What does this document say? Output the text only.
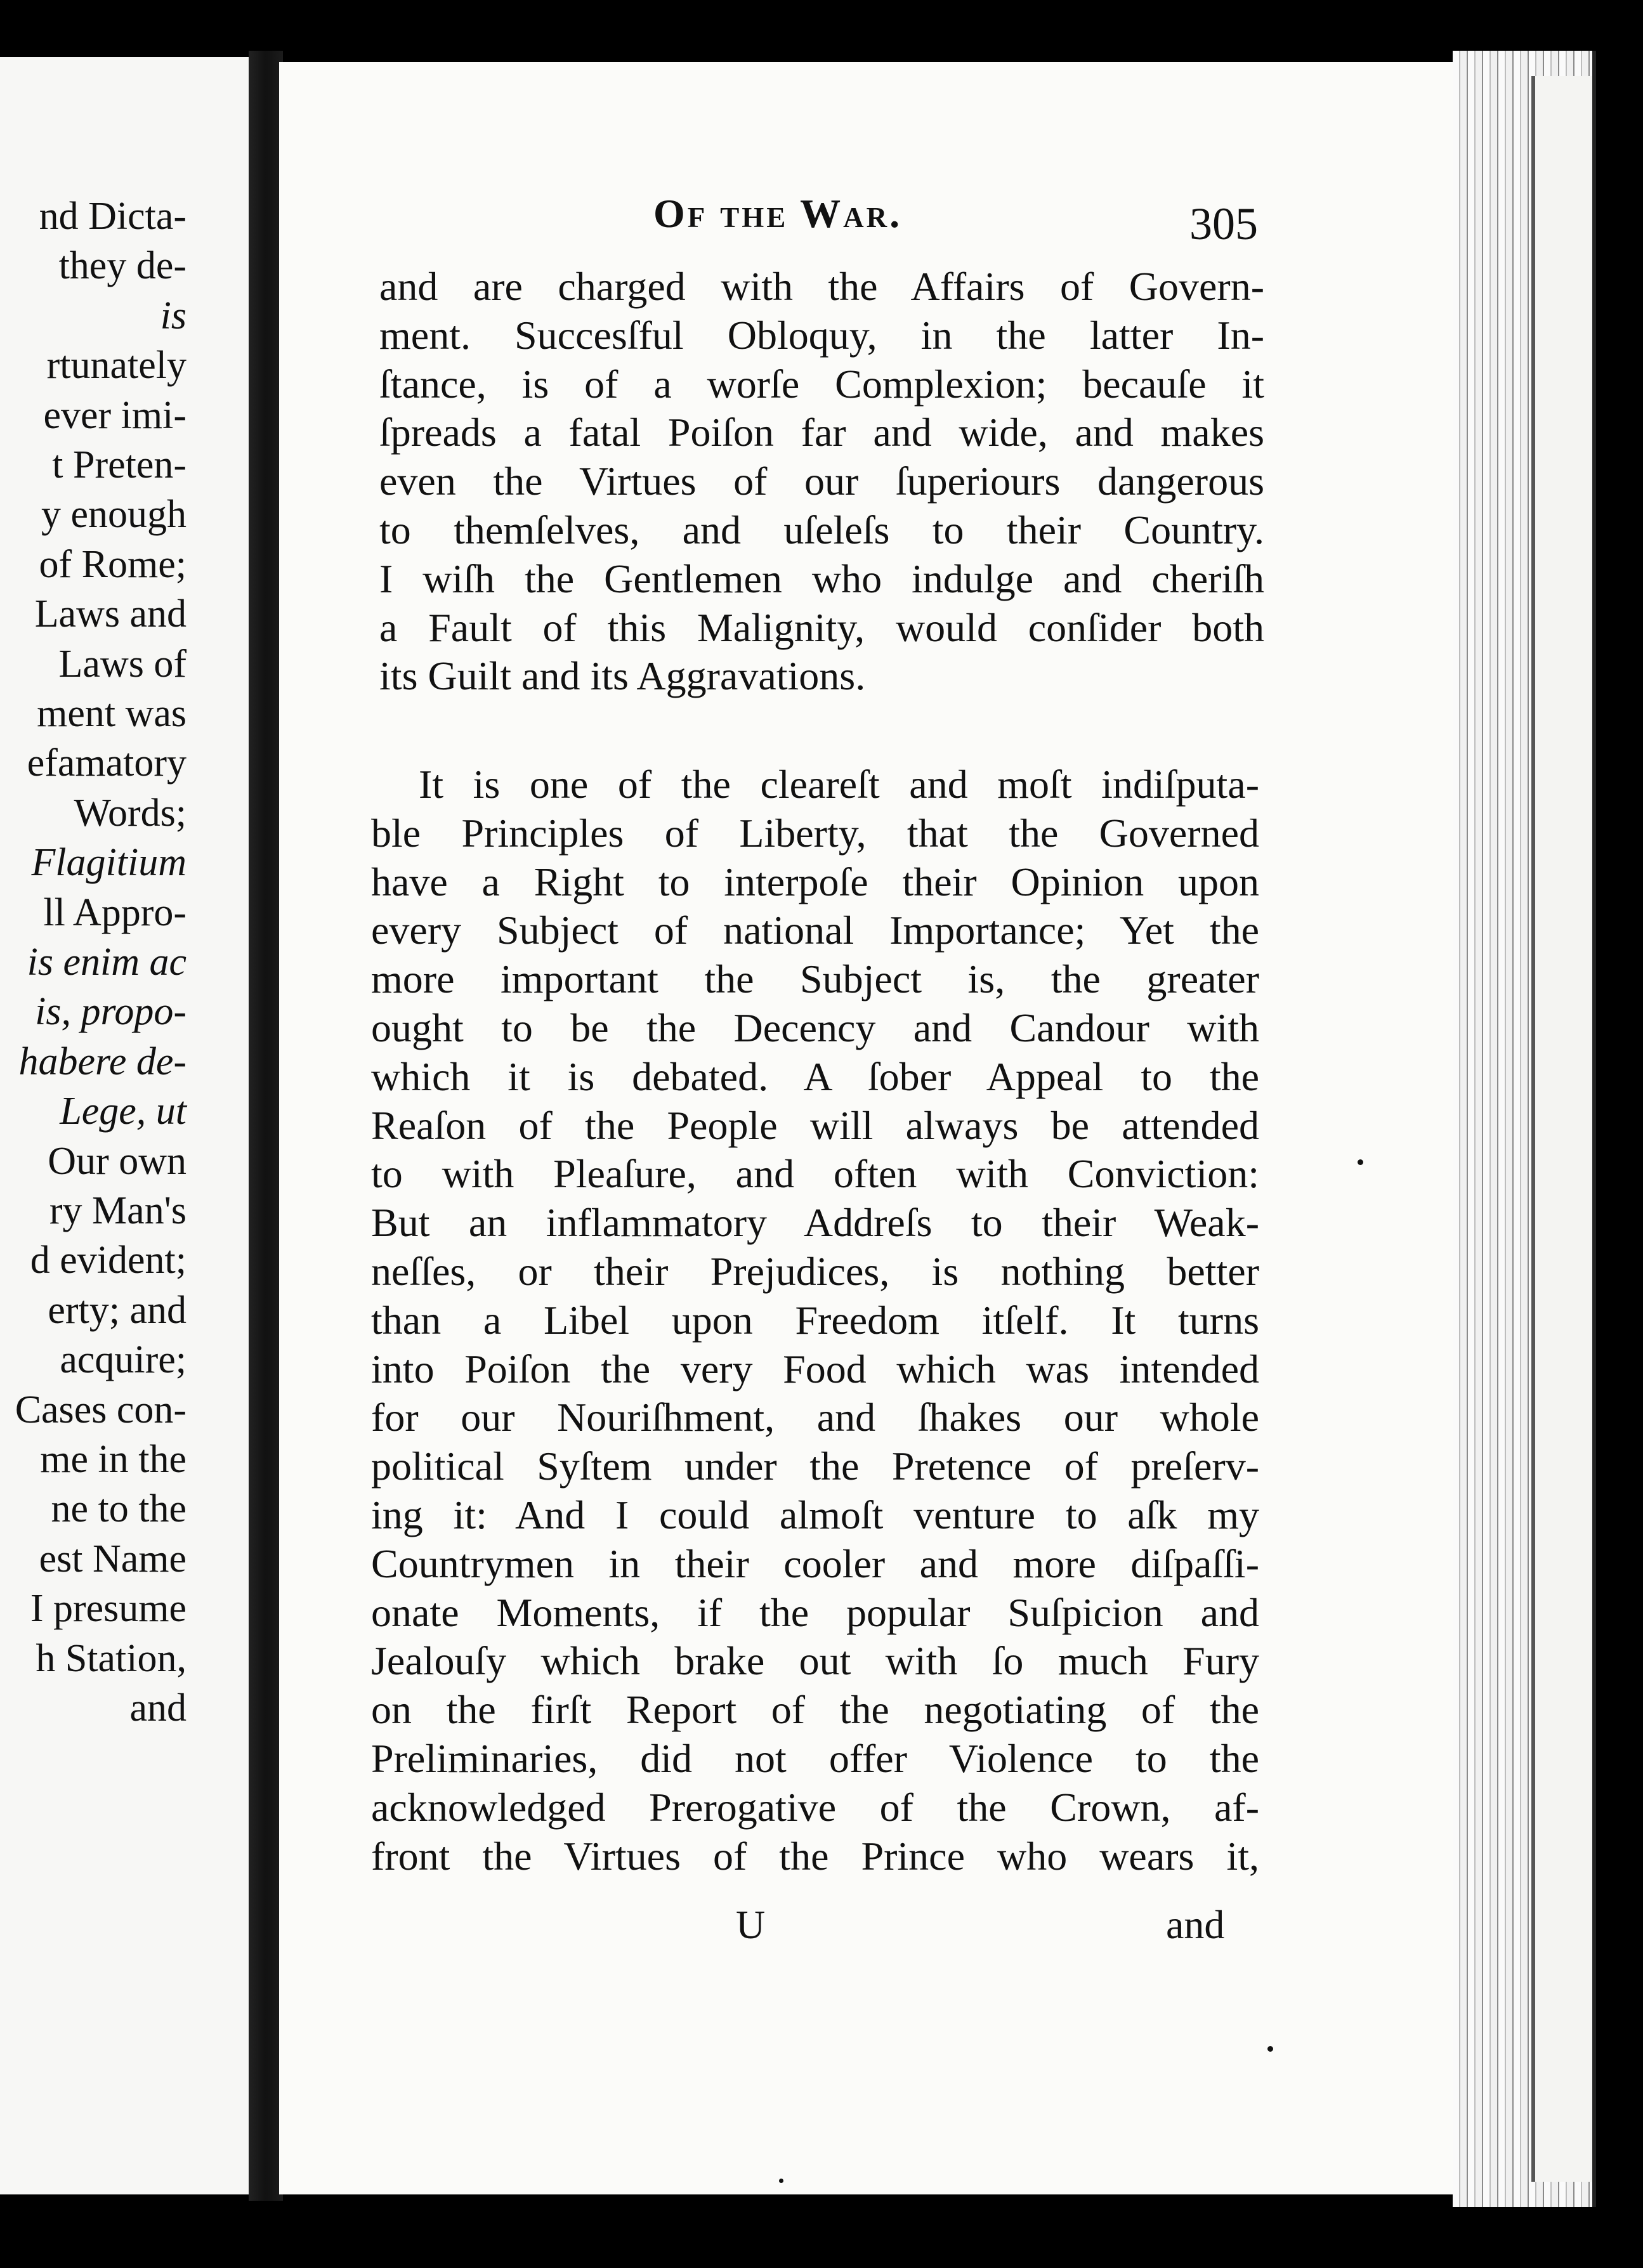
nd Dicta-
they de-
is
rtunately
ever imi-
t Preten-
y enough
of Rome;
Laws and
Laws of
ment was
efamatory
Words;
Flagitium
ll Appro-
is enim ac
is, propo-
habere de-
Lege, ut
Our own
ry Man's
d evident;
erty; and
acquire;
Cases con-
me in the
ne to the
est Name
I presume
h Station,
and
Of the War.	305
and are charged with the Affairs of Govern-
ment. Succesſful Obloquy, in the latter In-
ſtance, is of a worſe Complexion; becauſe it
ſpreads a fatal Poiſon far and wide, and makes
even the Virtues of our ſuperiours dangerous
to themſelves, and uſeleſs to their Country.
I wiſh the Gentlemen who indulge and cheriſh
a Fault of this Malignity, would conſider both
its Guilt and its Aggravations.
It is one of the cleareſt and moſt indiſputa-
ble Principles of Liberty, that the Governed
have a Right to interpoſe their Opinion upon
every Subject of national Importance; Yet the
more important the Subject is, the greater
ought to be the Decency and Candour with
which it is debated. A ſober Appeal to the
Reaſon of the People will always be attended
to with Pleaſure, and often with Conviction:
But an inflammatory Addreſs to their Weak-
neſſes, or their Prejudices, is nothing better
than a Libel upon Freedom itſelf. It turns
into Poiſon the very Food which was intended
for our Nouriſhment, and ſhakes our whole
political Syſtem under the Pretence of preſerv-
ing it: And I could almoſt venture to aſk my
Countrymen in their cooler and more diſpaſſi-
onate Moments, if the popular Suſpicion and
Jealouſy which brake out with ſo much Fury
on the firſt Report of the negotiating of the
Preliminaries, did not offer Violence to the
acknowledged Prerogative of the Crown, af-
front the Virtues of the Prince who wears it,
U	and
